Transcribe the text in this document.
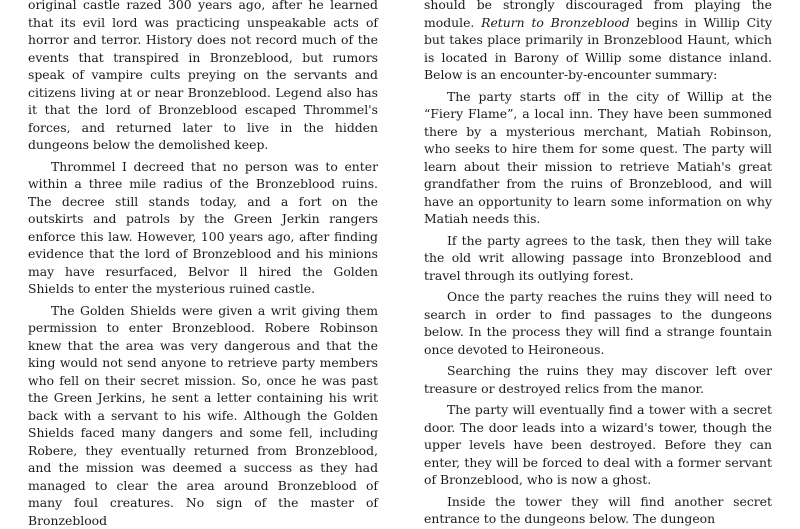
original castle razed 300 years ago, after he learned that its evil lord was practicing unspeakable acts of horror and terror. History does not record much of the events that transpired in Bronzeblood, but rumors speak of vampire cults preying on the servants and citizens living at or near Bronzeblood. Legend also has it that the lord of Bronzeblood escaped Thrommel's forces, and returned later to live in the hidden dungeons below the demolished keep.

Thrommel I decreed that no person was to enter within a three mile radius of the Bronzeblood ruins. The decree still stands today, and a fort on the outskirts and patrols by the Green Jerkin rangers enforce this law. However, 100 years ago, after finding evidence that the lord of Bronzeblood and his minions may have resurfaced, Belvor ll hired the Golden Shields to enter the mysterious ruined castle.

The Golden Shields were given a writ giving them permission to enter Bronzeblood. Robere Robinson knew that the area was very dangerous and that the king would not send anyone to retrieve party members who fell on their secret mission. So, once he was past the Green Jerkins, he sent a letter containing his writ back with a servant to his wife. Although the Golden Shields faced many dangers and some fell, including Robere, they eventually returned from Bronzeblood, and the mission was deemed a success as they had managed to clear the area around Bronzeblood of many foul creatures. No sign of the master of Bronzeblood

should be strongly discouraged from playing the module. Return to Bronzeblood begins in Willip City but takes place primarily in Bronzeblood Haunt, which is located in Barony of Willip some distance inland. Below is an encounter-by-encounter summary:

The party starts off in the city of Willip at the “Fiery Flame”, a local inn. They have been summoned there by a mysterious merchant, Matiah Robinson, who seeks to hire them for some quest. The party will learn about their mission to retrieve Matiah's great grandfather from the ruins of Bronzeblood, and will have an opportunity to learn some information on why Matiah needs this.

If the party agrees to the task, then they will take the old writ allowing passage into Bronzeblood and travel through its outlying forest.

Once the party reaches the ruins they will need to search in order to find passages to the dungeons below. In the process they will find a strange fountain once devoted to Heironeous.

Searching the ruins they may discover left over treasure or destroyed relics from the manor.

The party will eventually find a tower with a secret door. The door leads into a wizard's tower, though the upper levels have been destroyed. Before they can enter, they will be forced to deal with a former servant of Bronzeblood, who is now a ghost.

Inside the tower they will find another secret entrance to the dungeons below. The dungeon
